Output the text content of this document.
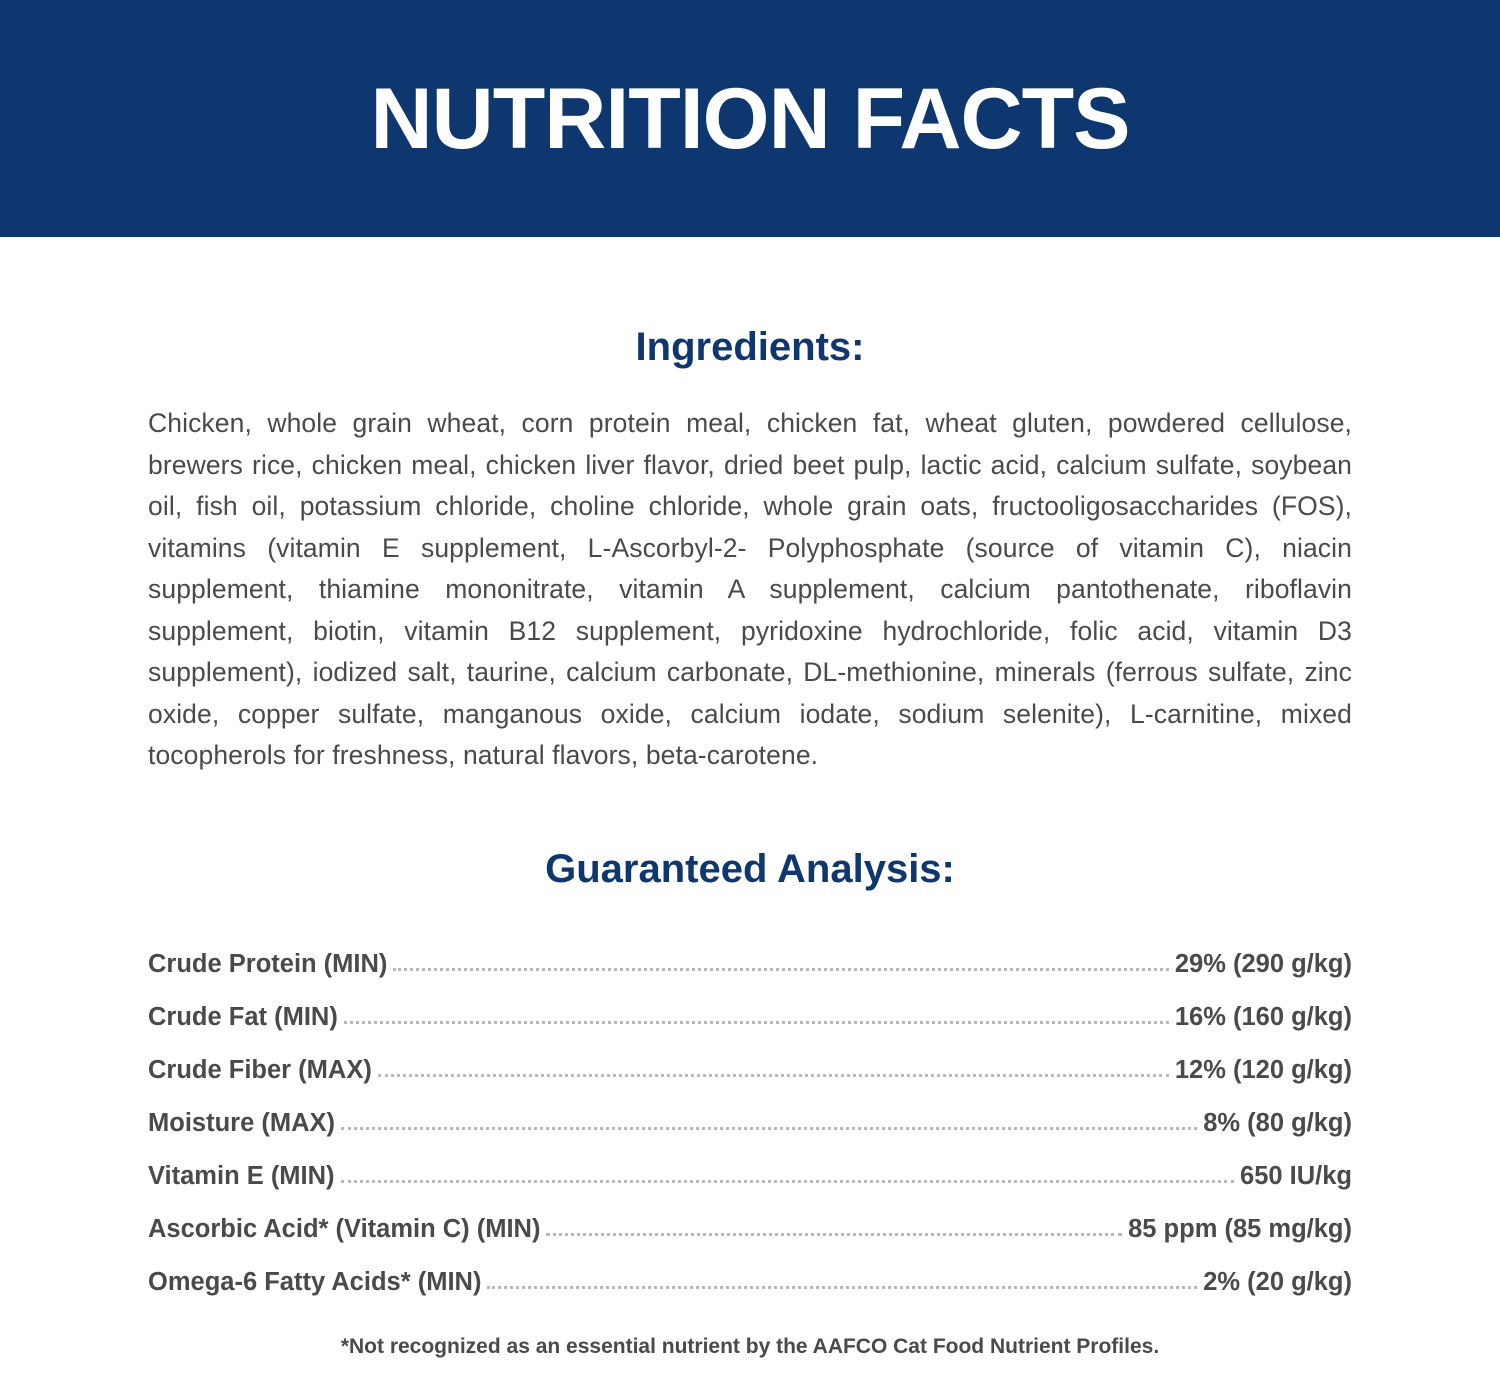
NUTRITION FACTS
Ingredients:

Chicken, whole grain wheat, corn protein meal, chicken fat, wheat gluten, powdered cellulose, brewers rice, chicken meal, chicken liver flavor, dried beet pulp, lactic acid, calcium sulfate, soybean oil, fish oil, potassium chloride, choline chloride, whole grain oats, fructooligosaccharides (FOS), vitamins (vitamin E supplement, L-Ascorbyl-2- Polyphosphate (source of vitamin C), niacin supplement, thiamine mononitrate, vitamin A supplement, calcium pantothenate, riboflavin supplement, biotin, vitamin B12 supplement, pyridoxine hydrochloride, folic acid, vitamin D3 supplement), iodized salt, taurine, calcium carbonate, DL-methionine, minerals (ferrous sulfate, zinc oxide, copper sulfate, manganous oxide, calcium iodate, sodium selenite), L-carnitine, mixed tocopherols for freshness, natural flavors, beta-carotene.

Guaranteed Analysis:
Crude Protein (MIN)	29% (290 g/kg)
Crude Fat (MIN)	16% (160 g/kg)
Crude Fiber (MAX)	12% (120 g/kg)
Moisture (MAX)	8% (80 g/kg)
Vitamin E (MIN)	650 IU/kg
Ascorbic Acid* (Vitamin C) (MIN)	85 ppm (85 mg/kg)
Omega-6 Fatty Acids* (MIN)	2% (20 g/kg)
*Not recognized as an essential nutrient by the AAFCO Cat Food Nutrient Profiles.
